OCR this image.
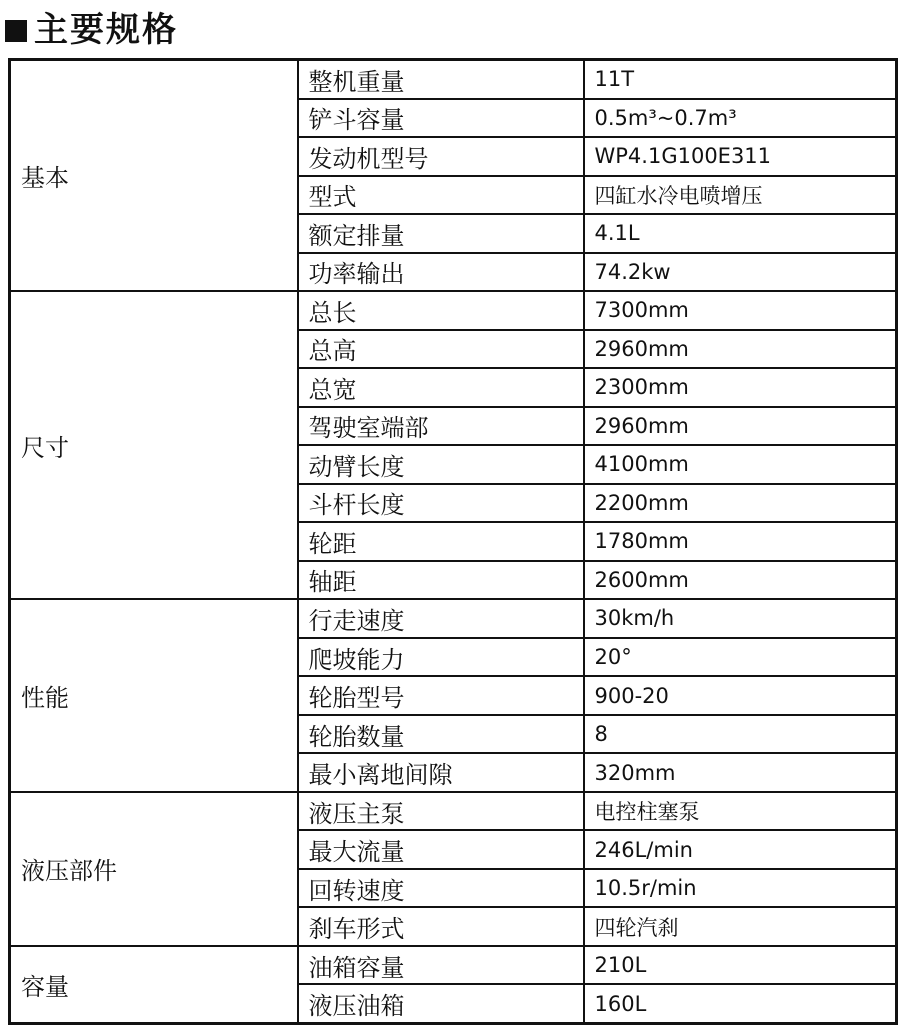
主要规格
基本	整机重量	11T
	铲斗容量	0.5m³~0.7m³
	发动机型号	WP4.1G100E311
	型式	四缸水冷电喷增压
	额定排量	4.1L
	功率输出	74.2kw
尺寸	总长	7300mm
	总高	2960mm
	总宽	2300mm
	驾驶室端部	2960mm
	动臂长度	4100mm
	斗杆长度	2200mm
	轮距	1780mm
	轴距	2600mm
性能	行走速度	30km/h
	爬坡能力	20°
	轮胎型号	900-20
	轮胎数量	8
	最小离地间隙	320mm
液压部件	液压主泵	电控柱塞泵
	最大流量	246L/min
	回转速度	10.5r/min
	刹车形式	四轮汽刹
容量	油箱容量	210L
	液压油箱	160L
